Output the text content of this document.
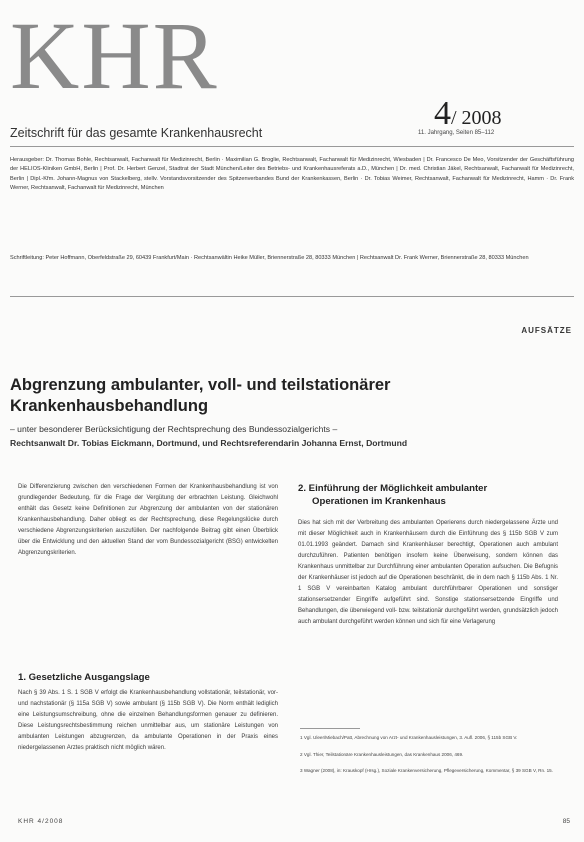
KHR
4/ 2008
Zeitschrift für das gesamte Krankenhausrecht	11. Jahrgang, Seiten 85–112
Herausgeber: Dr. Thomas Bohle, Rechtsanwalt, Fachanwalt für Medizinrecht, Berlin · Maximilian G. Broglie, Rechtsanwalt, Fachanwalt für Medizinrecht, Wiesbaden | Dr. Francesco De Meo, Vorsitzender der Geschäftsführung der HELIOS-Kliniken GmbH, Berlin | Prof. Dr. Herbert Genzel, Stadtrat der Stadt München/Leiter des Betriebs- und Krankenhausreferats a.D., München | Dr. med. Christian Jäkel, Rechtsanwalt, Fachanwalt für Medizinrecht, Berlin | Dipl.-Kfm. Johann-Magnus von Stackelberg, stellv. Vorstandsvorsitzender des Spitzenverbandes Bund der Krankenkassen, Berlin · Dr. Tobias Weimer, Rechtsanwalt, Fachanwalt für Medizinrecht, Hamm · Dr. Frank Werner, Rechtsanwalt, Fachanwalt für Medizinrecht, München
Schriftleitung: Peter Hoffmann, Oberfeldstraße 29, 60439 Frankfurt/Main · Rechtsanwältin Heike Müller, Briennerstraße 28, 80333 München | Rechtsanwalt Dr. Frank Werner, Briennerstraße 28, 80333 München
AUFSÄTZE
Abgrenzung ambulanter, voll- und teilstationärer Krankenhausbehandlung
– unter besonderer Berücksichtigung der Rechtsprechung des Bundessozialgerichts –
Rechtsanwalt Dr. Tobias Eickmann, Dortmund, und Rechtsreferendarin Johanna Ernst, Dortmund
Die Differenzierung zwischen den verschiedenen Formen der Krankenhausbehandlung ist von grundlegender Bedeutung, für die Frage der Vergütung der erbrachten Leistung. Gleichwohl enthält das Gesetz keine Definitionen zur Abgrenzung der ambulanten von der stationären Krankenhausbehandlung. Daher obliegt es der Rechtsprechung, diese Regelungslücke durch verschiedene Abgrenzungskriterien auszufüllen. Der nachfolgende Beitrag gibt einen Überblick über die Entwicklung und den aktuellen Stand der vom Bundessozialgericht (BSG) entwickelten Abgrenzungskriterien.
1. Gesetzliche Ausgangslage
Nach § 39 Abs. 1 S. 1 SGB V erfolgt die Krankenhausbehandlung vollstationär, teilstationär, vor- und nachstationär (§ 115a SGB V) sowie ambulant (§ 115b SGB V). Die Norm enthält lediglich eine Leistungsumschreibung, ohne die einzelnen Behandlungsformen genauer zu definieren. Diese Leistungsrechtsbestimmung reichen unmittelbar aus, um stationäre Leistungen von ambulanten Leistungen abzugrenzen, da ambulante Operationen in der Praxis eines niedergelassenen Arztes praktisch nicht möglich wären.
2. Einführung der Möglichkeit ambulanter
Operationen im Krankenhaus
Dies hat sich mit der Verbreitung des ambulanten Operierens durch niedergelassene Ärzte und mit dieser Möglichkeit auch in Krankenhäusern durch die Einführung des § 115b SGB V zum 01.01.1993 geändert. Damach sind Krankenhäuser berechtigt, Operationen auch ambulant durchzuführen. Patienten benötigen insofern keine Überweisung, sondern können das Krankenhaus unmittelbar zur Durchführung einer ambulanten Operation aufsuchen. Die Befugnis der Krankenhäuser ist jedoch auf die Operationen beschränkt, die in dem nach § 115b Abs. 1 Nr. 1 SGB V vereinbarten Katalog ambulant durchführbarer Operationen und sonstiger stationsersetzender Eingriffe aufgeführt sind. Sonstige stationsersetzende Eingriffe und Behandlungen, die überwiegend voll- bzw. teilstationär durchgeführt werden, grundsätzlich jedoch auch ambulant durchgeführt werden können und sich für eine Verlagerung
1 Vgl. Uleer/Miebach/Patt, Abrechnung von Arzt- und Krankenhausleistungen, 3. Aufl. 2006, § 115b SGB V.
2 Vgl. Thier, Teilstationäre Krankenhausleistungen, das Krankenhaus 2006, 469.
3 Wagner (2008), in: Krauskopf (Hrsg.), Soziale Krankenversicherung, Pflegeversicherung, Kommentar, § 39 SGB V, Rn. 15.
KHR 4/2008	85
